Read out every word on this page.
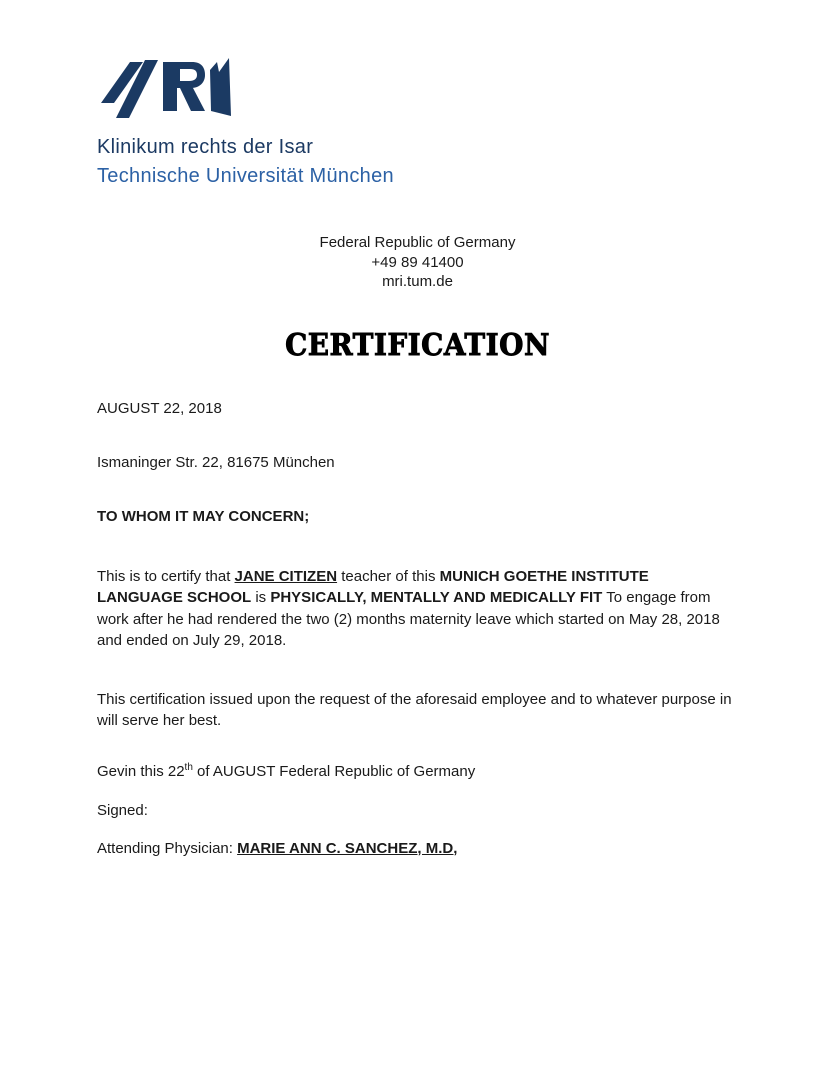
Klinikum rechts der Isar
Technische Universität München
Federal Republic of Germany
+49 89 41400
mri.tum.de
CERTIFICATION
AUGUST 22, 2018
Ismaninger Str. 22, 81675 München
TO WHOM IT MAY CONCERN;

This is to certify that JANE CITIZEN teacher of this MUNICH GOETHE INSTITUTE LANGUAGE SCHOOL is PHYSICALLY, MENTALLY AND MEDICALLY FIT To engage from work after he had rendered the two (2) months maternity leave which started on May 28, 2018 and ended on July 29, 2018.

This certification issued upon the request of the aforesaid employee and to whatever purpose in will serve her best.

Gevin this 22th of AUGUST Federal Republic of Germany

Signed:

Attending Physician: MARIE ANN C. SANCHEZ, M.D,
